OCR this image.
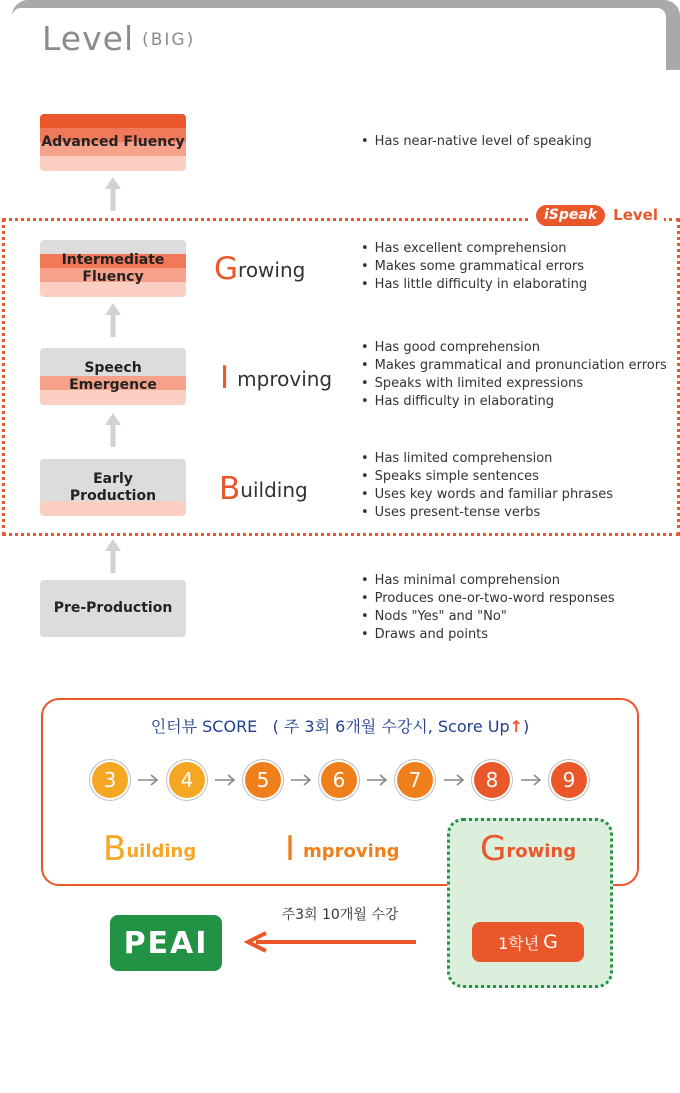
Level $^{(BIG)}$
iSpeak	Level
Advanced Fluency
Intermediate Fluency
Speech Emergence
Early Production
Pre-Production
Growing
Improving
Building
• Has near-native level of speaking
• Has excellent comprehension
• Makes some grammatical errors
• Has little difficulty in elaborating
• Has good comprehension
• Makes grammatical and pronunciation errors
• Speaks with limited expressions
• Has difficulty in elaborating
• Has limited comprehension
• Speaks simple sentences
• Uses key words and familiar phrases
• Uses present-tense verbs
• Has minimal comprehension
• Produces one-or-two-word responses
• Nods "Yes" and "No"
• Draws and points
인터뷰 SCORE ( 주 3회 6개월 수강시, Score Up↑)
3	4	5	6	7	8	9
Building	Improving Growing
1학년 G
주3회 10개월 수강
PEAI
